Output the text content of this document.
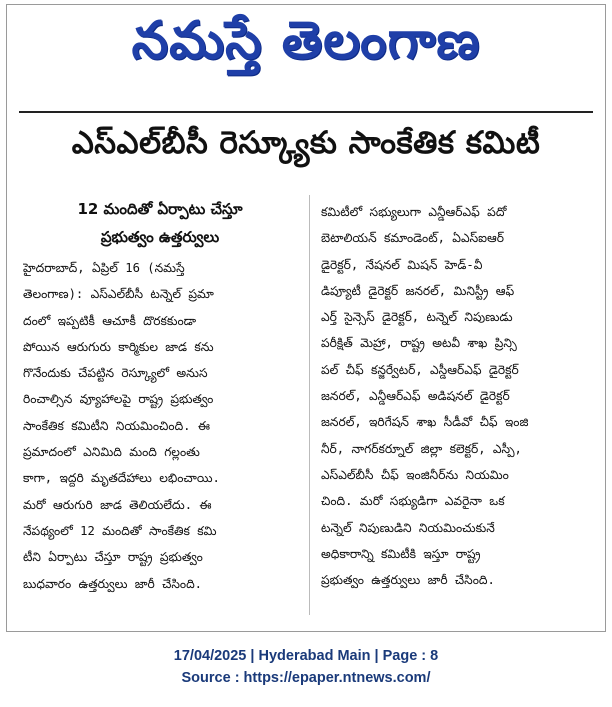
నమస్తే తెలంగాణ
ఎస్ఎల్‌బీసీ రెస్క్యూకు సాంకేతిక కమిటీ
12 మందితో ఏర్పాటు చేస్తూ
ప్రభుత్వం ఉత్తర్వులు
హైదరాబాద్, ఏప్రిల్ 16 (నమస్తే
తెలంగాణ): ఎస్ఎల్‌బీసీ టన్నెల్ ప్రమా
దంలో ఇప్పటికీ ఆచూకీ దొరకకుండా
పోయిన ఆరుగురు కార్మికుల జాడ కను
గొనేందుకు చేపట్టిన రెస్క్యూలో అనుస
రించాల్సిన వ్యూహాలపై రాష్ట్ర ప్రభుత్వం
సాంకేతిక కమిటీని నియమించింది. ఈ
ప్రమాదంలో ఎనిమిది మంది గల్లంతు
కాగా, ఇద్దరి మృతదేహాలు లభించాయి.
మరో ఆరుగురి జాడ తెలియలేదు. ఈ
నేపథ్యంలో 12 మందితో సాంకేతిక కమి
టీని ఏర్పాటు చేస్తూ రాష్ట్ర ప్రభుత్వం
బుధవారం ఉత్తర్వులు జారీ చేసింది.
కమిటీలో సభ్యులుగా ఎన్డీఆర్ఎఫ్ పదో
బెటాలియన్ కమాండెంట్, ఏఎస్ఐఆర్
డైరెక్టర్, నేషనల్ మిషన్ హెడ్-వీ
డిప్యూటీ డైరెక్టర్ జనరల్, మినిస్ట్రీ ఆఫ్
ఎర్త్ సైన్సెస్ డైరెక్టర్, టన్నెల్ నిపుణుడు
పరీక్షిత్ మెహ్రా, రాష్ట్ర అటవీ శాఖ ప్రిన్సి
పల్ చీఫ్ కన్జర్వేటర్, ఎస్డీఆర్ఎఫ్ డైరెక్టర్
జనరల్, ఎన్డీఆర్ఎఫ్ అడిషనల్ డైరెక్టర్
జనరల్, ఇరిగేషన్ శాఖ సీడీవో చీఫ్ ఇంజి
నీర్, నాగర్‌కర్నూల్ జిల్లా కలెక్టర్, ఎస్పీ,
ఎస్ఎల్‌బీసీ చీఫ్ ఇంజినీర్‌ను నియమిం
చింది. మరో సభ్యుడిగా ఎవరైనా ఒక
టన్నెల్ నిపుణుడిని నియమించుకునే
అధికారాన్ని కమిటీకి ఇస్తూ రాష్ట్ర
ప్రభుత్వం ఉత్తర్వులు జారీ చేసింది.
17/04/2025 | Hyderabad Main | Page : 8
Source : https://epaper.ntnews.com/
